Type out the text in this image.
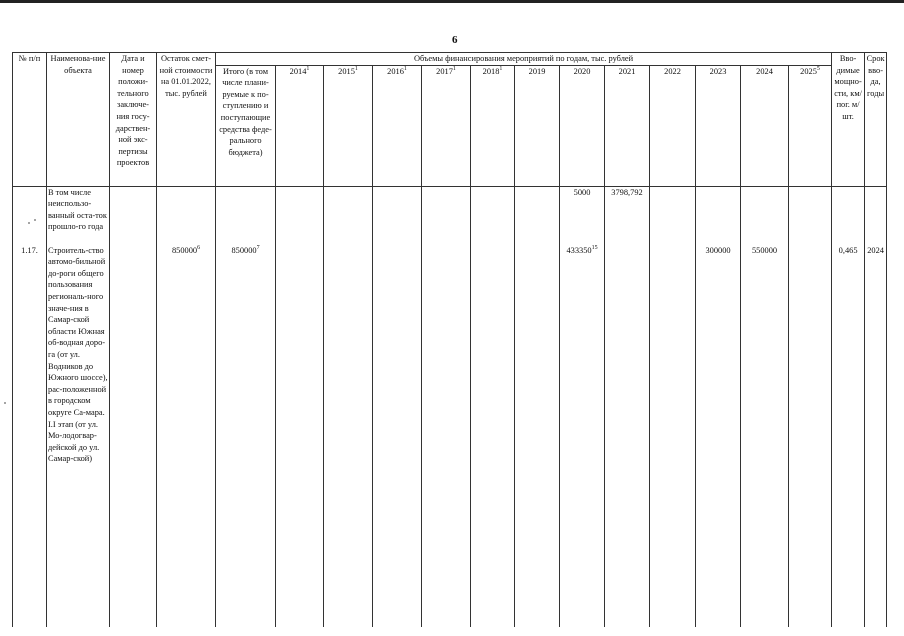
6
№ п/п	Наименова-ние объекта	Дата и номер положи-тельного заключе-ния госу-дарствен-ной экс-пертизы проектов	Остаток смет-ной стоимости на 01.01.2022, тыс. рублей	Объемы финансирования мероприятий по годам, тыс. рублей													Вво-димые мощно-сти, км/пог. м/шт.	Срок вво-да, годы
				Итого (в том числе плани-руемые к по-ступлению и поступающие средства феде-рального бюджета)	2014$^1$	2015$^1$	2016$^1$	2017$^1$	2018$^1$	2019	2020	2021	2022	2023	2024	2025$^5$
	В том числе неиспользо-ванный оста-ток прошло-го года										5000	3798,792						
1.17.	Строитель-ство автомо-бильной до-роги общего пользования региональ-ного значе-ния в Самар-ской области Южная об-водная доро-га (от ул. Водников до Южного шоссе), рас-положенной в городском округе Са-мара. I.I этап (от ул. Мо-лодогвар-дейской до ул. Самар-ской)		850000$^6$	850000$^7$							433350$^{15}$			300000	550000		0,465	2024
